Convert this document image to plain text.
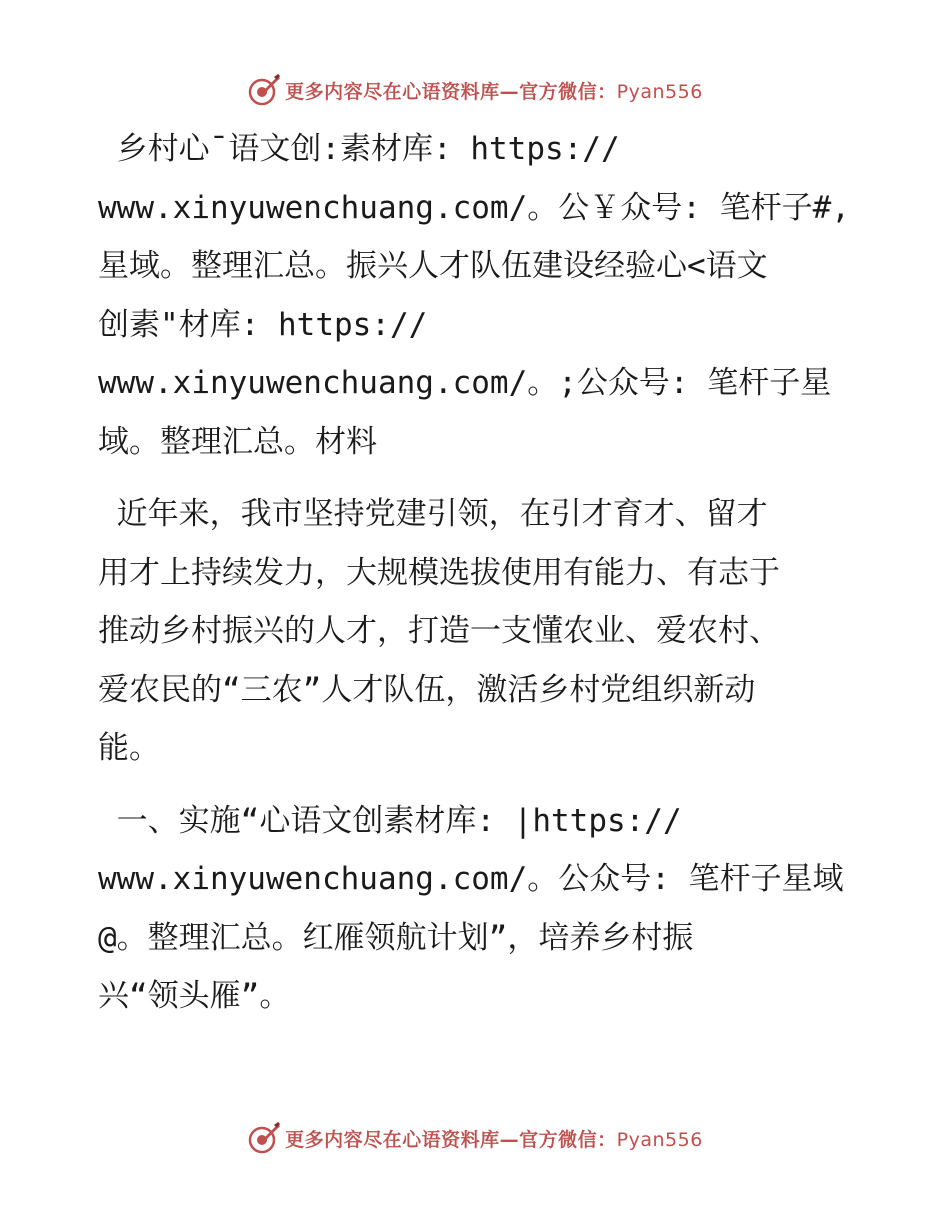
更多内容尽在心语资料库—官方微信：Pyan556
乡村心¯语文创:素材库: https://
www.xinyuwenchuang.com/。公￥众号: 笔杆子#,
星域。整理汇总。振兴人才队伍建设经验心<语文
创素"材库: https://
www.xinyuwenchuang.com/。;公众号: 笔杆子星
域。整理汇总。材料
近年来，我市坚持党建引领，在引才育才、留才
用才上持续发力，大规模选拔使用有能力、有志于
推动乡村振兴的人才，打造一支懂农业、爱农村、
爱农民的“三农”人才队伍，激活乡村党组织新动
能。
一、实施“心语文创素材库: |https://
www.xinyuwenchuang.com/。公众号: 笔杆子星域
@。整理汇总。红雁领航计划”，培养乡村振
兴“领头雁”。
更多内容尽在心语资料库—官方微信：Pyan556
